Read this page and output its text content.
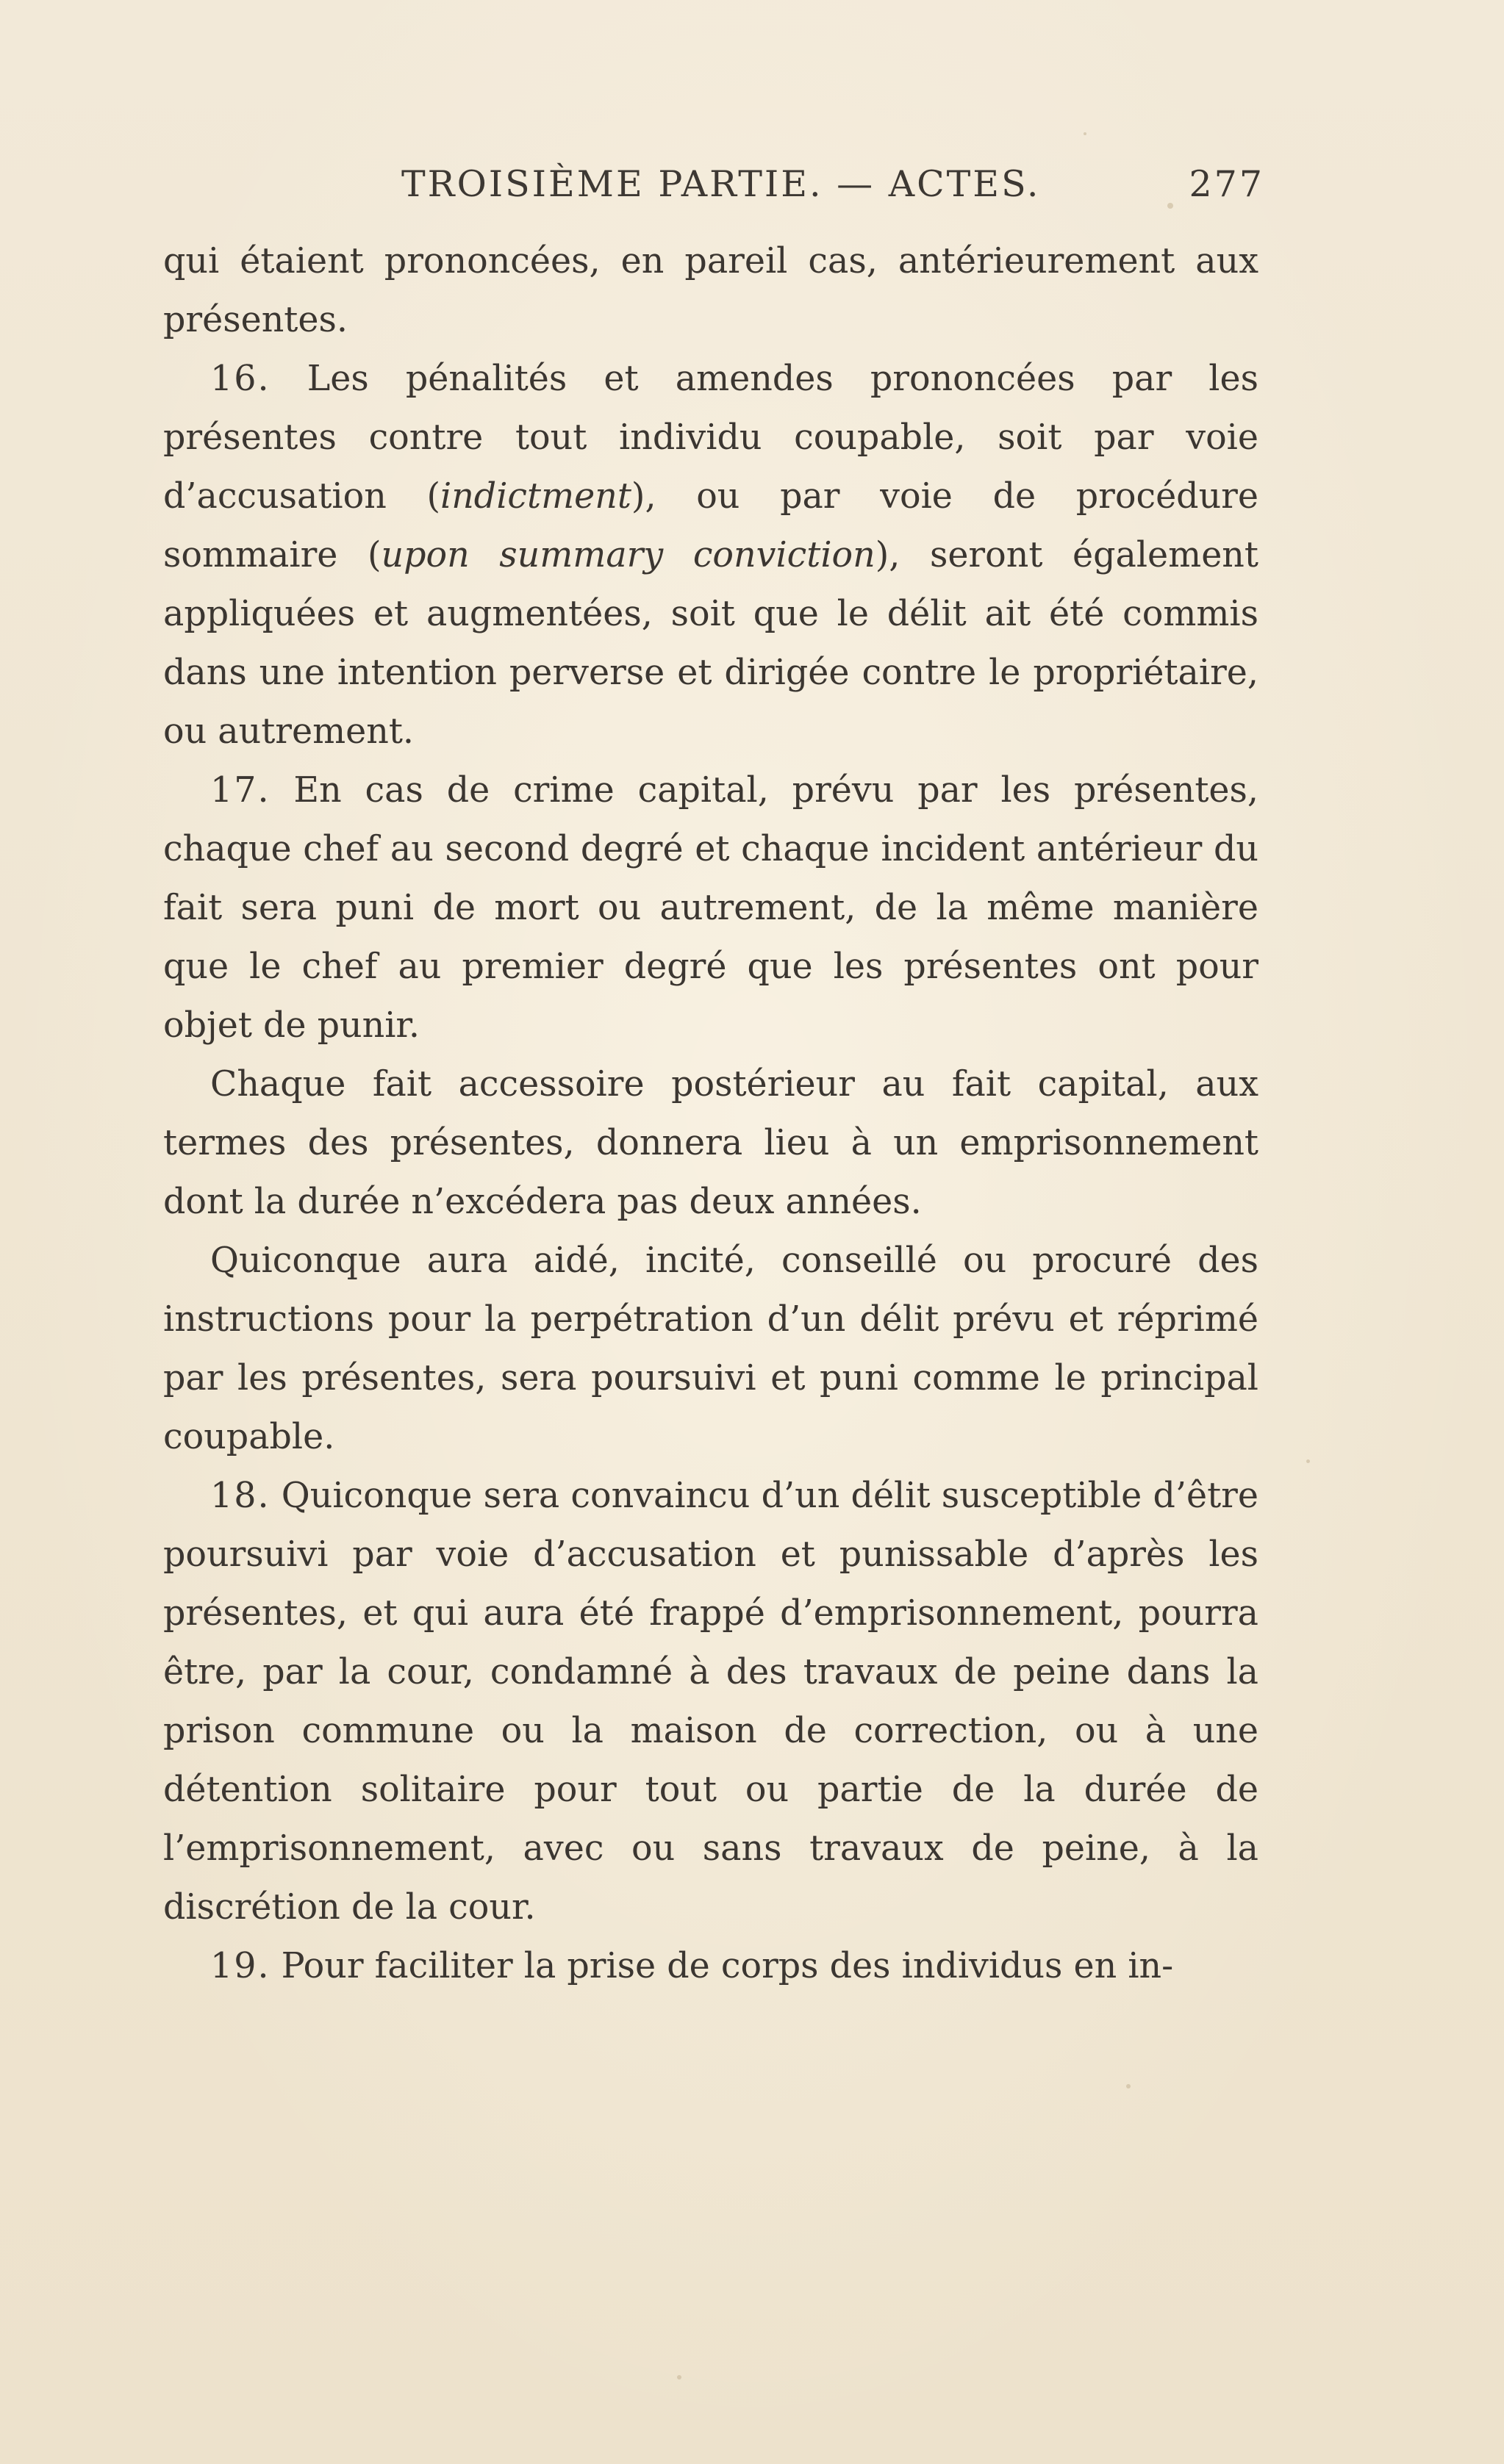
TROISIÈME PARTIE. — ACTES.	277

qui étaient prononcées, en pareil cas, antérieurement aux présentes.

16. Les pénalités et amendes prononcées par les présentes contre tout individu coupable, soit par voie d’accusation (indictment), ou par voie de procédure sommaire (upon summary conviction), seront également appliquées et augmentées, soit que le délit ait été commis dans une intention perverse et dirigée contre le propriétaire, ou autrement.

17. En cas de crime capital, prévu par les présentes, chaque chef au second degré et chaque incident antérieur du fait sera puni de mort ou autrement, de la même manière que le chef au premier degré que les présentes ont pour objet de punir.

Chaque fait accessoire postérieur au fait capital, aux termes des présentes, donnera lieu à un emprisonnement dont la durée n’excédera pas deux années.

Quiconque aura aidé, incité, conseillé ou procuré des instructions pour la perpétration d’un délit prévu et réprimé par les présentes, sera poursuivi et puni comme le principal coupable.

18. Quiconque sera convaincu d’un délit susceptible d’être poursuivi par voie d’accusation et punissable d’après les présentes, et qui aura été frappé d’emprisonnement, pourra être, par la cour, condamné à des travaux de peine dans la prison commune ou la maison de correction, ou à une détention solitaire pour tout ou partie de la durée de l’emprisonnement, avec ou sans travaux de peine, à la discrétion de la cour.

19. Pour faciliter la prise de corps des individus en in-
